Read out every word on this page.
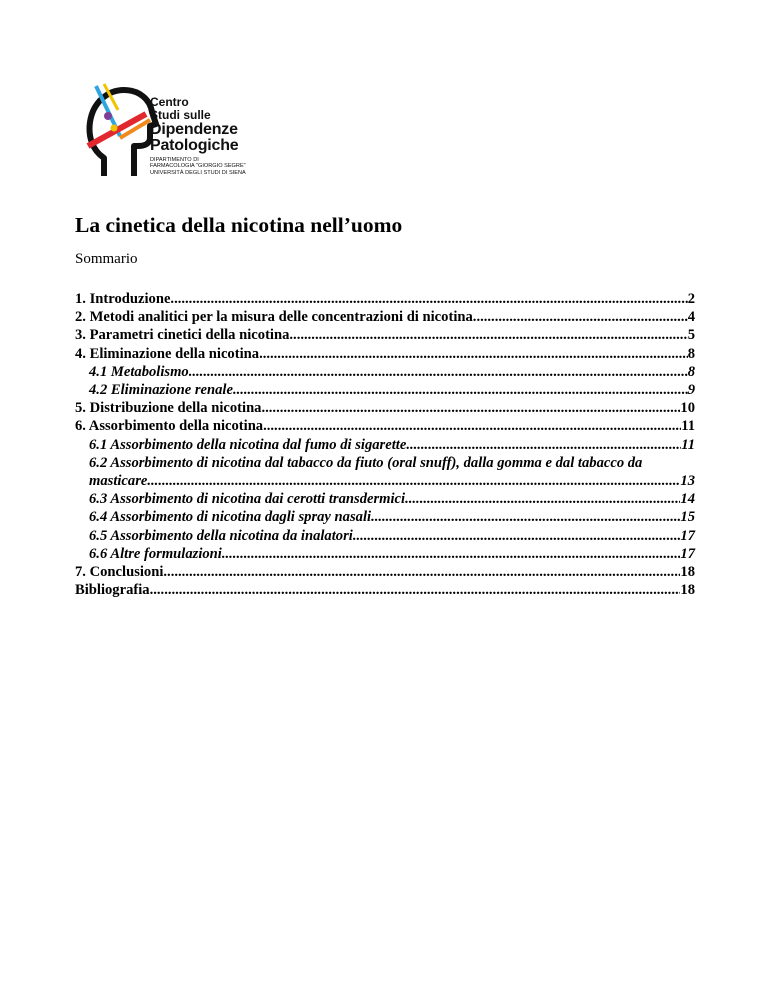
Centro
Studi sulle
Dipendenze
Patologiche
DIPARTIMENTO DI
FARMACOLOGIA "GIORGIO SEGRE"
UNIVERSITÀ DEGLI STUDI DI SIENA
La cinetica della nicotina nell’uomo
Sommario
1. Introduzione .....	2
2. Metodi analitici per la misura delle concentrazioni di nicotina .....	4
3. Parametri cinetici della nicotina .....	5
4. Eliminazione della nicotina .....	8
4.1 Metabolismo .....	8
4.2 Eliminazione renale .....	9
5. Distribuzione della nicotina .....	10
6. Assorbimento della nicotina .....	11
6.1 Assorbimento della nicotina dal fumo di sigarette .....	11
6.2 Assorbimento di nicotina dal tabacco da fiuto (oral snuff), dalla gomma e dal tabacco da
masticare .....	13
6.3 Assorbimento di nicotina dai cerotti transdermici .....	14
6.4 Assorbimento di nicotina dagli spray nasali .....	15
6.5 Assorbimento della nicotina da inalatori .....	17
6.6 Altre formulazioni .....	17
7. Conclusioni .....	18
Bibliografia .....	18
